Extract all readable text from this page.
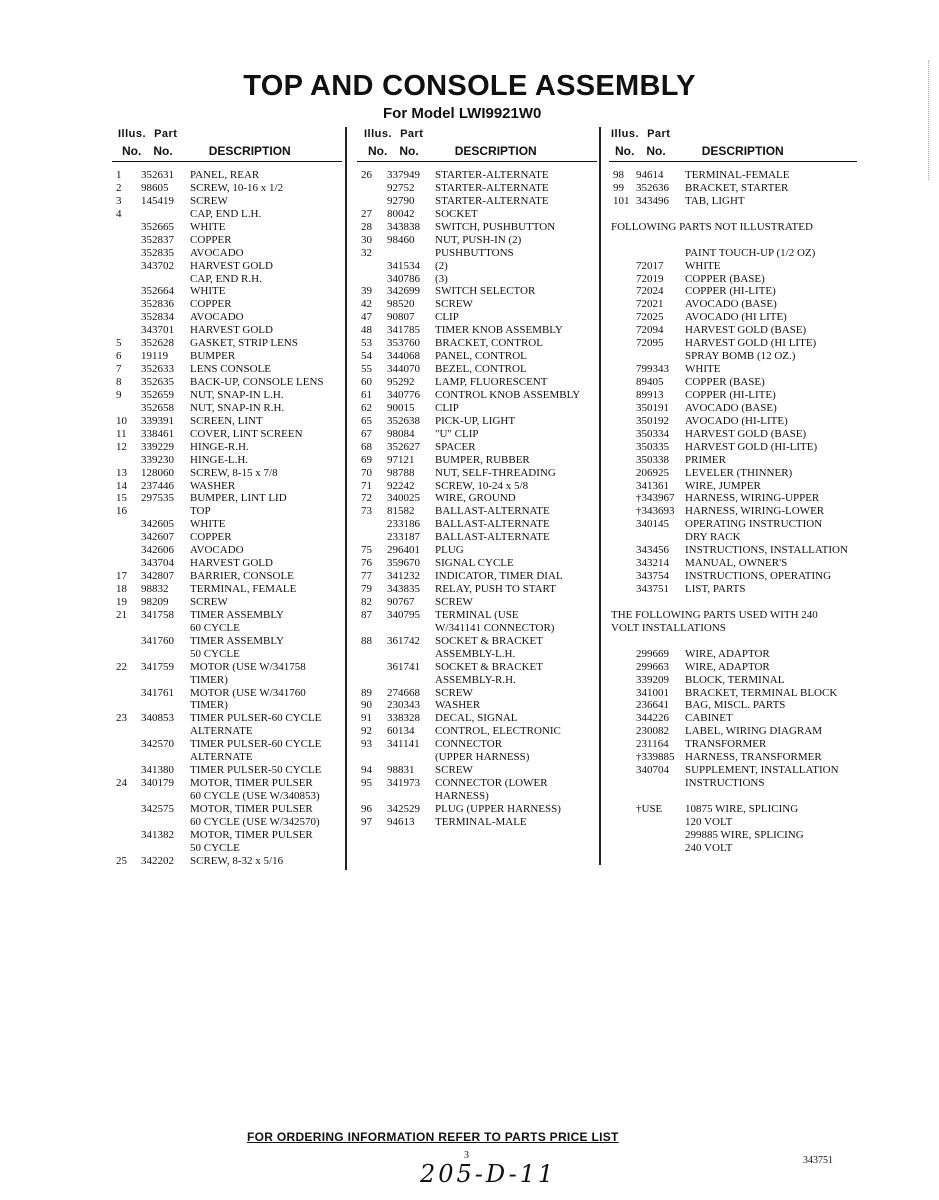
TOP AND CONSOLE ASSEMBLY
For Model LWI9921W0
Illus. Part
No. No.	DESCRIPTION
1	352631	PANEL, REAR
2	98605	SCREW, 10-16 x 1/2
3	145419	SCREW
4	CAP, END L.H.
352665	WHITE
352837	COPPER
352835	AVOCADO
343702	HARVEST GOLD
CAP, END R.H.
352664	WHITE
352836	COPPER
352834	AVOCADO
343701	HARVEST GOLD
5	352628	GASKET, STRIP LENS
6	19119	BUMPER
7	352633	LENS CONSOLE
8	352635	BACK-UP, CONSOLE LENS
9	352659	NUT, SNAP-IN L.H.
352658	NUT, SNAP-IN R.H.
10	339391	SCREEN, LINT
11	338461	COVER, LINT SCREEN
12	339229	HINGE-R.H.
339230	HINGE-L.H.
13	128060	SCREW, 8-15 x 7/8
14	237446	WASHER
15	297535	BUMPER, LINT LID
16	TOP
342605	WHITE
342607	COPPER
342606	AVOCADO
343704	HARVEST GOLD
17	342807	BARRIER, CONSOLE
18	98832	TERMINAL, FEMALE
19	98209	SCREW
21	341758	TIMER ASSEMBLY
60 CYCLE
341760	TIMER ASSEMBLY
50 CYCLE
22	341759	MOTOR (USE W/341758
TIMER)
341761	MOTOR (USE W/341760
TIMER)
23	340853	TIMER PULSER-60 CYCLE
ALTERNATE
342570	TIMER PULSER-60 CYCLE
ALTERNATE
341380	TIMER PULSER-50 CYCLE
24	340179	MOTOR, TIMER PULSER
60 CYCLE (USE W/340853)
342575	MOTOR, TIMER PULSER
60 CYCLE (USE W/342570)
341382	MOTOR, TIMER PULSER
50 CYCLE
25	342202	SCREW, 8-32 x 5/16
Illus. Part
No. No.	DESCRIPTION
26	337949	STARTER-ALTERNATE
92752	STARTER-ALTERNATE
92790	STARTER-ALTERNATE
27	80042	SOCKET
28	343838	SWITCH, PUSHBUTTON
30	98460	NUT, PUSH-IN (2)
32	PUSHBUTTONS
341534	(2)
340786	(3)
39	342699	SWITCH SELECTOR
42	98520	SCREW
47	90807	CLIP
48	341785	TIMER KNOB ASSEMBLY
53	353760	BRACKET, CONTROL
54	344068	PANEL, CONTROL
55	344070	BEZEL, CONTROL
60	95292	LAMP, FLUORESCENT
61	340776	CONTROL KNOB ASSEMBLY
62	90015	CLIP
65	352638	PICK-UP, LIGHT
67	98084	"U" CLIP
68	352627	SPACER
69	97121	BUMPER, RUBBER
70	98788	NUT, SELF-THREADING
71	92242	SCREW, 10-24 x 5/8
72	340025	WIRE, GROUND
73	81582	BALLAST-ALTERNATE
233186	BALLAST-ALTERNATE
233187	BALLAST-ALTERNATE
75	296401	PLUG
76	359670	SIGNAL CYCLE
77	341232	INDICATOR, TIMER DIAL
79	343835	RELAY, PUSH TO START
82	90767	SCREW
87	340795	TERMINAL (USE
W/341141 CONNECTOR)
88	361742	SOCKET & BRACKET
ASSEMBLY-L.H.
361741	SOCKET & BRACKET
ASSEMBLY-R.H.
89	274668	SCREW
90	230343	WASHER
91	338328	DECAL, SIGNAL
92	60134	CONTROL, ELECTRONIC
93	341141	CONNECTOR
(UPPER HARNESS)
94	98831	SCREW
95	341973	CONNECTOR (LOWER
HARNESS)
96	342529	PLUG (UPPER HARNESS)
97	94613	TERMINAL-MALE
Illus. Part
No. No.	DESCRIPTION
98	94614	TERMINAL-FEMALE
99	352636	BRACKET, STARTER
101 343496	TAB, LIGHT
FOLLOWING PARTS NOT ILLUSTRATED
PAINT TOUCH-UP (1/2 OZ)
72017	WHITE
72019	COPPER (BASE)
72024	COPPER (HI-LITE)
72021	AVOCADO (BASE)
72025	AVOCADO (HI LITE)
72094	HARVEST GOLD (BASE)
72095	HARVEST GOLD (HI LITE)
SPRAY BOMB (12 OZ.)
799343	WHITE
89405	COPPER (BASE)
89913	COPPER (HI-LITE)
350191	AVOCADO (BASE)
350192	AVOCADO (HI-LITE)
350334	HARVEST GOLD (BASE)
350335	HARVEST GOLD (HI-LITE)
350338	PRIMER
206925	LEVELER (THINNER)
341361	WIRE, JUMPER
†343967 HARNESS, WIRING-UPPER
†343693 HARNESS, WIRING-LOWER
340145	OPERATING INSTRUCTION
DRY RACK
343456	INSTRUCTIONS, INSTALLATION
343214	MANUAL, OWNER'S
343754	INSTRUCTIONS, OPERATING
343751	LIST, PARTS
THE FOLLOWING PARTS USED WITH 240
VOLT INSTALLATIONS
299669	WIRE, ADAPTOR
299663	WIRE, ADAPTOR
339209	BLOCK, TERMINAL
341001	BRACKET, TERMINAL BLOCK
236641	BAG, MISCL. PARTS
344226	CABINET
230082	LABEL, WIRING DIAGRAM
231164	TRANSFORMER
†339885 HARNESS, TRANSFORMER
340704	SUPPLEMENT, INSTALLATION
INSTRUCTIONS
†USE	10875 WIRE, SPLICING
120 VOLT
299885 WIRE, SPLICING
240 VOLT
FOR ORDERING INFORMATION REFER TO PARTS PRICE LIST
3	343751
205-D-11
